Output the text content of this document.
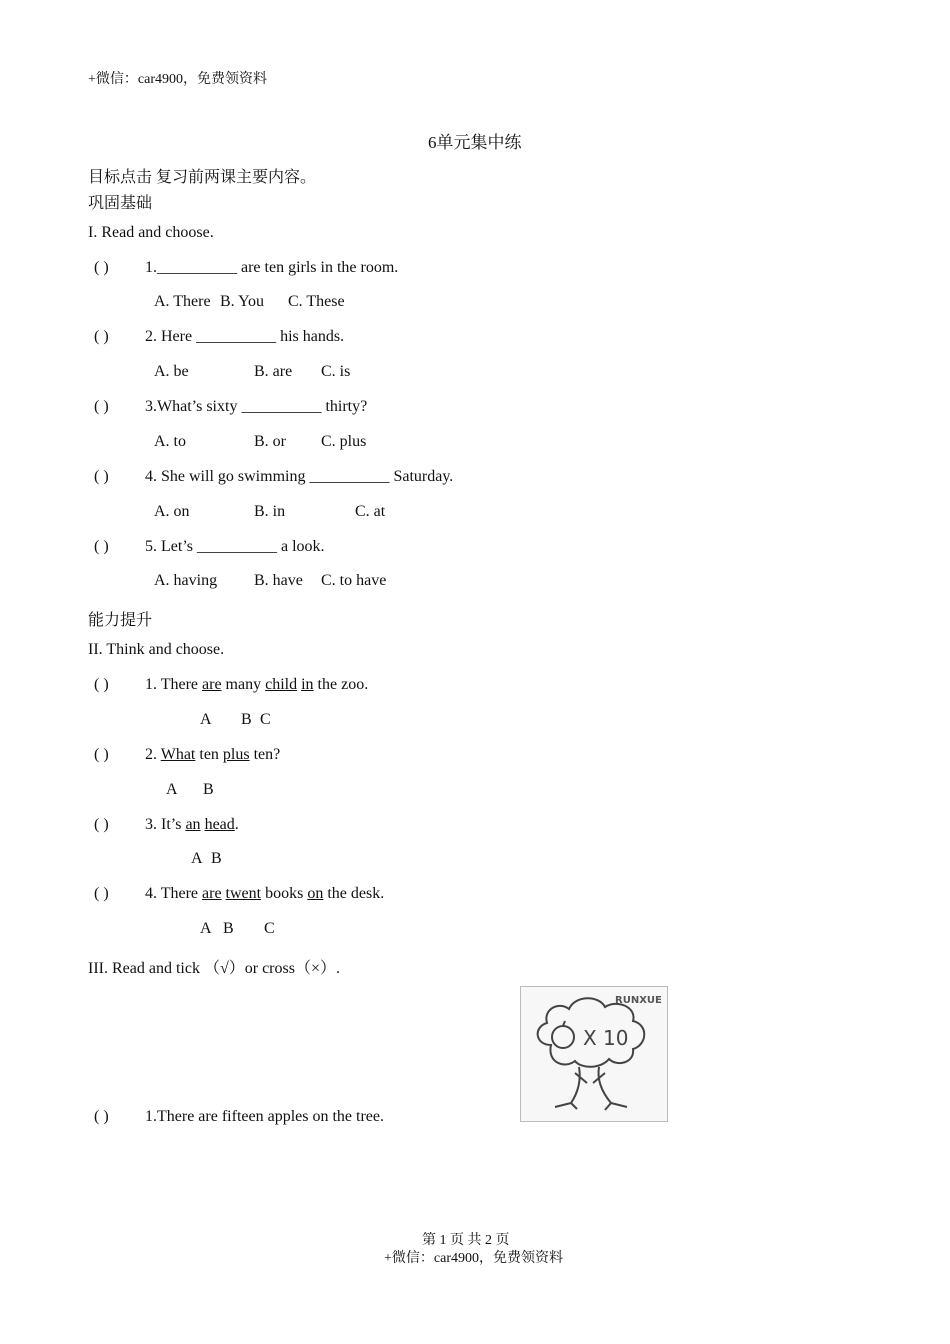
+微信：car4900，免费领资料
6单元集中练
目标点击 复习前两课主要内容。
巩固基础
I. Read and choose.
( ) 1.__________ are ten girls in the room.
A. There B. You C. These
( ) 2. Here __________ his hands.
A. be	B. are C. is
( ) 3.What’s sixty __________ thirty?
A. to	B. or C. plus
( ) 4. She will go swimming __________ Saturday.
A. on	B. in	C. at
( ) 5. Let’s __________ a look.
A. having B. have C. to have
能力提升
II. Think and choose.
( ) 1. There are many child in the zoo.
A B C
( ) 2. What ten plus ten?
A B
( ) 3. It’s an head.
A B
( ) 4. There are twent books on the desk.
A B C
III. Read and tick （√）or cross（×）.
RUNXUE
X 10
( ) 1.There are fifteen apples on the tree.
第 1 页 共 2 页
+微信：car4900，免费领资料
